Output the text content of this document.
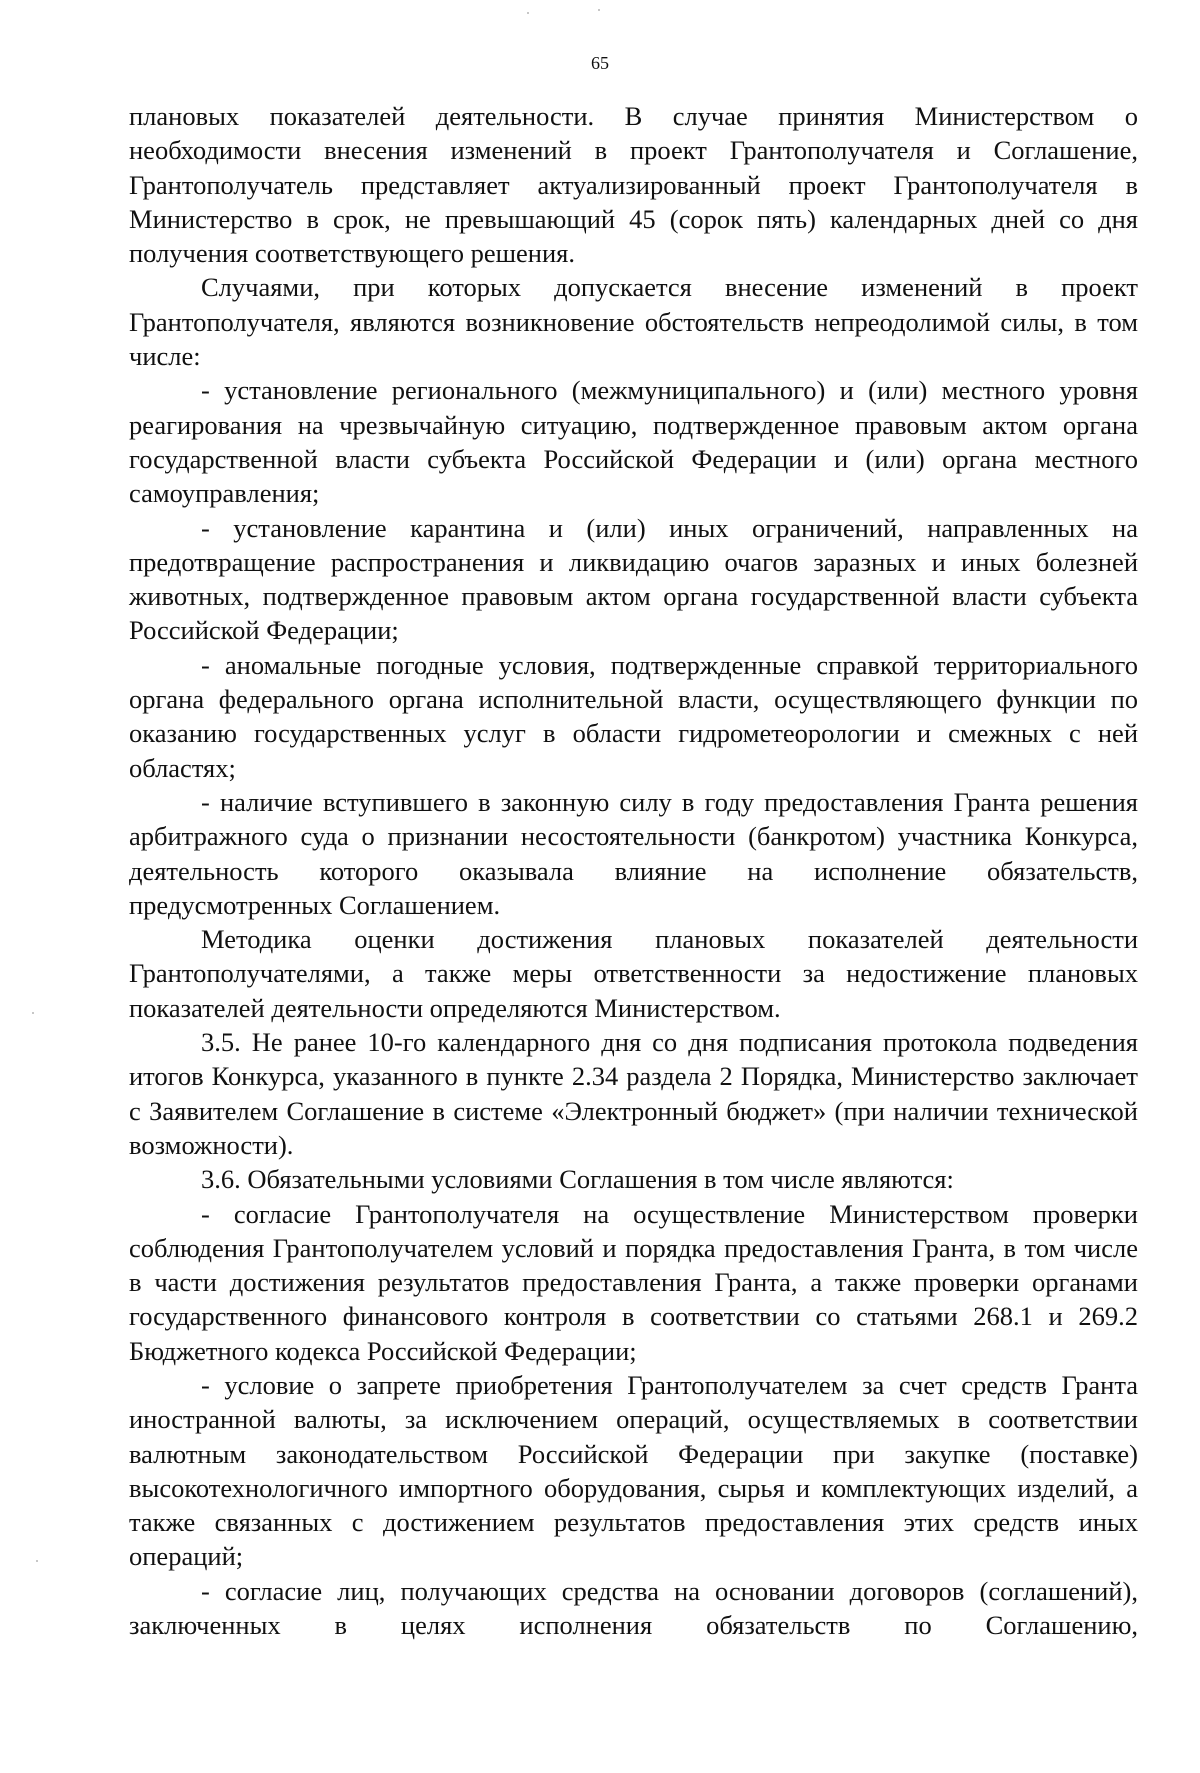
65

плановых показателей деятельности. В случае принятия Министерством о необходимости внесения изменений в проект Грантополучателя и Соглашение, Грантополучатель представляет актуализированный проект Грантополучателя в Министерство в срок, не превышающий 45 (сорок пять) календарных дней со дня получения соответствующего решения.

Случаями, при которых допускается внесение изменений в проект Грантополучателя, являются возникновение обстоятельств непреодолимой силы, в том числе:

- установление регионального (межмуниципального) и (или) местного уровня реагирования на чрезвычайную ситуацию, подтвержденное правовым актом органа государственной власти субъекта Российской Федерации и (или) органа местного самоуправления;

- установление карантина и (или) иных ограничений, направленных на предотвращение распространения и ликвидацию очагов заразных и иных болезней животных, подтвержденное правовым актом органа государственной власти субъекта Российской Федерации;

- аномальные погодные условия, подтвержденные справкой территориального органа федерального органа исполнительной власти, осуществляющего функции по оказанию государственных услуг в области гидрометеорологии и смежных с ней областях;

- наличие вступившего в законную силу в году предоставления Гранта решения арбитражного суда о признании несостоятельности (банкротом) участника Конкурса, деятельность которого оказывала влияние на исполнение обязательств, предусмотренных Соглашением.

Методика оценки достижения плановых показателей деятельности Грантополучателями, а также меры ответственности за недостижение плановых показателей деятельности определяются Министерством.

3.5. Не ранее 10-го календарного дня со дня подписания протокола подведения итогов Конкурса, указанного в пункте 2.34 раздела 2 Порядка, Министерство заключает с Заявителем Соглашение в системе «Электронный бюджет» (при наличии технической возможности).

3.6. Обязательными условиями Соглашения в том числе являются:

- согласие Грантополучателя на осуществление Министерством проверки соблюдения Грантополучателем условий и порядка предоставления Гранта, в том числе в части достижения результатов предоставления Гранта, а также проверки органами государственного финансового контроля в соответствии со статьями 268.1 и 269.2 Бюджетного кодекса Российской Федерации;

- условие о запрете приобретения Грантополучателем за счет средств Гранта иностранной валюты, за исключением операций, осуществляемых в соответствии валютным законодательством Российской Федерации при закупке (поставке) высокотехнологичного импортного оборудования, сырья и комплектующих изделий, а также связанных с достижением результатов предоставления этих средств иных операций;

- согласие лиц, получающих средства на основании договоров (соглашений), заключенных в целях исполнения обязательств по Соглашению,
